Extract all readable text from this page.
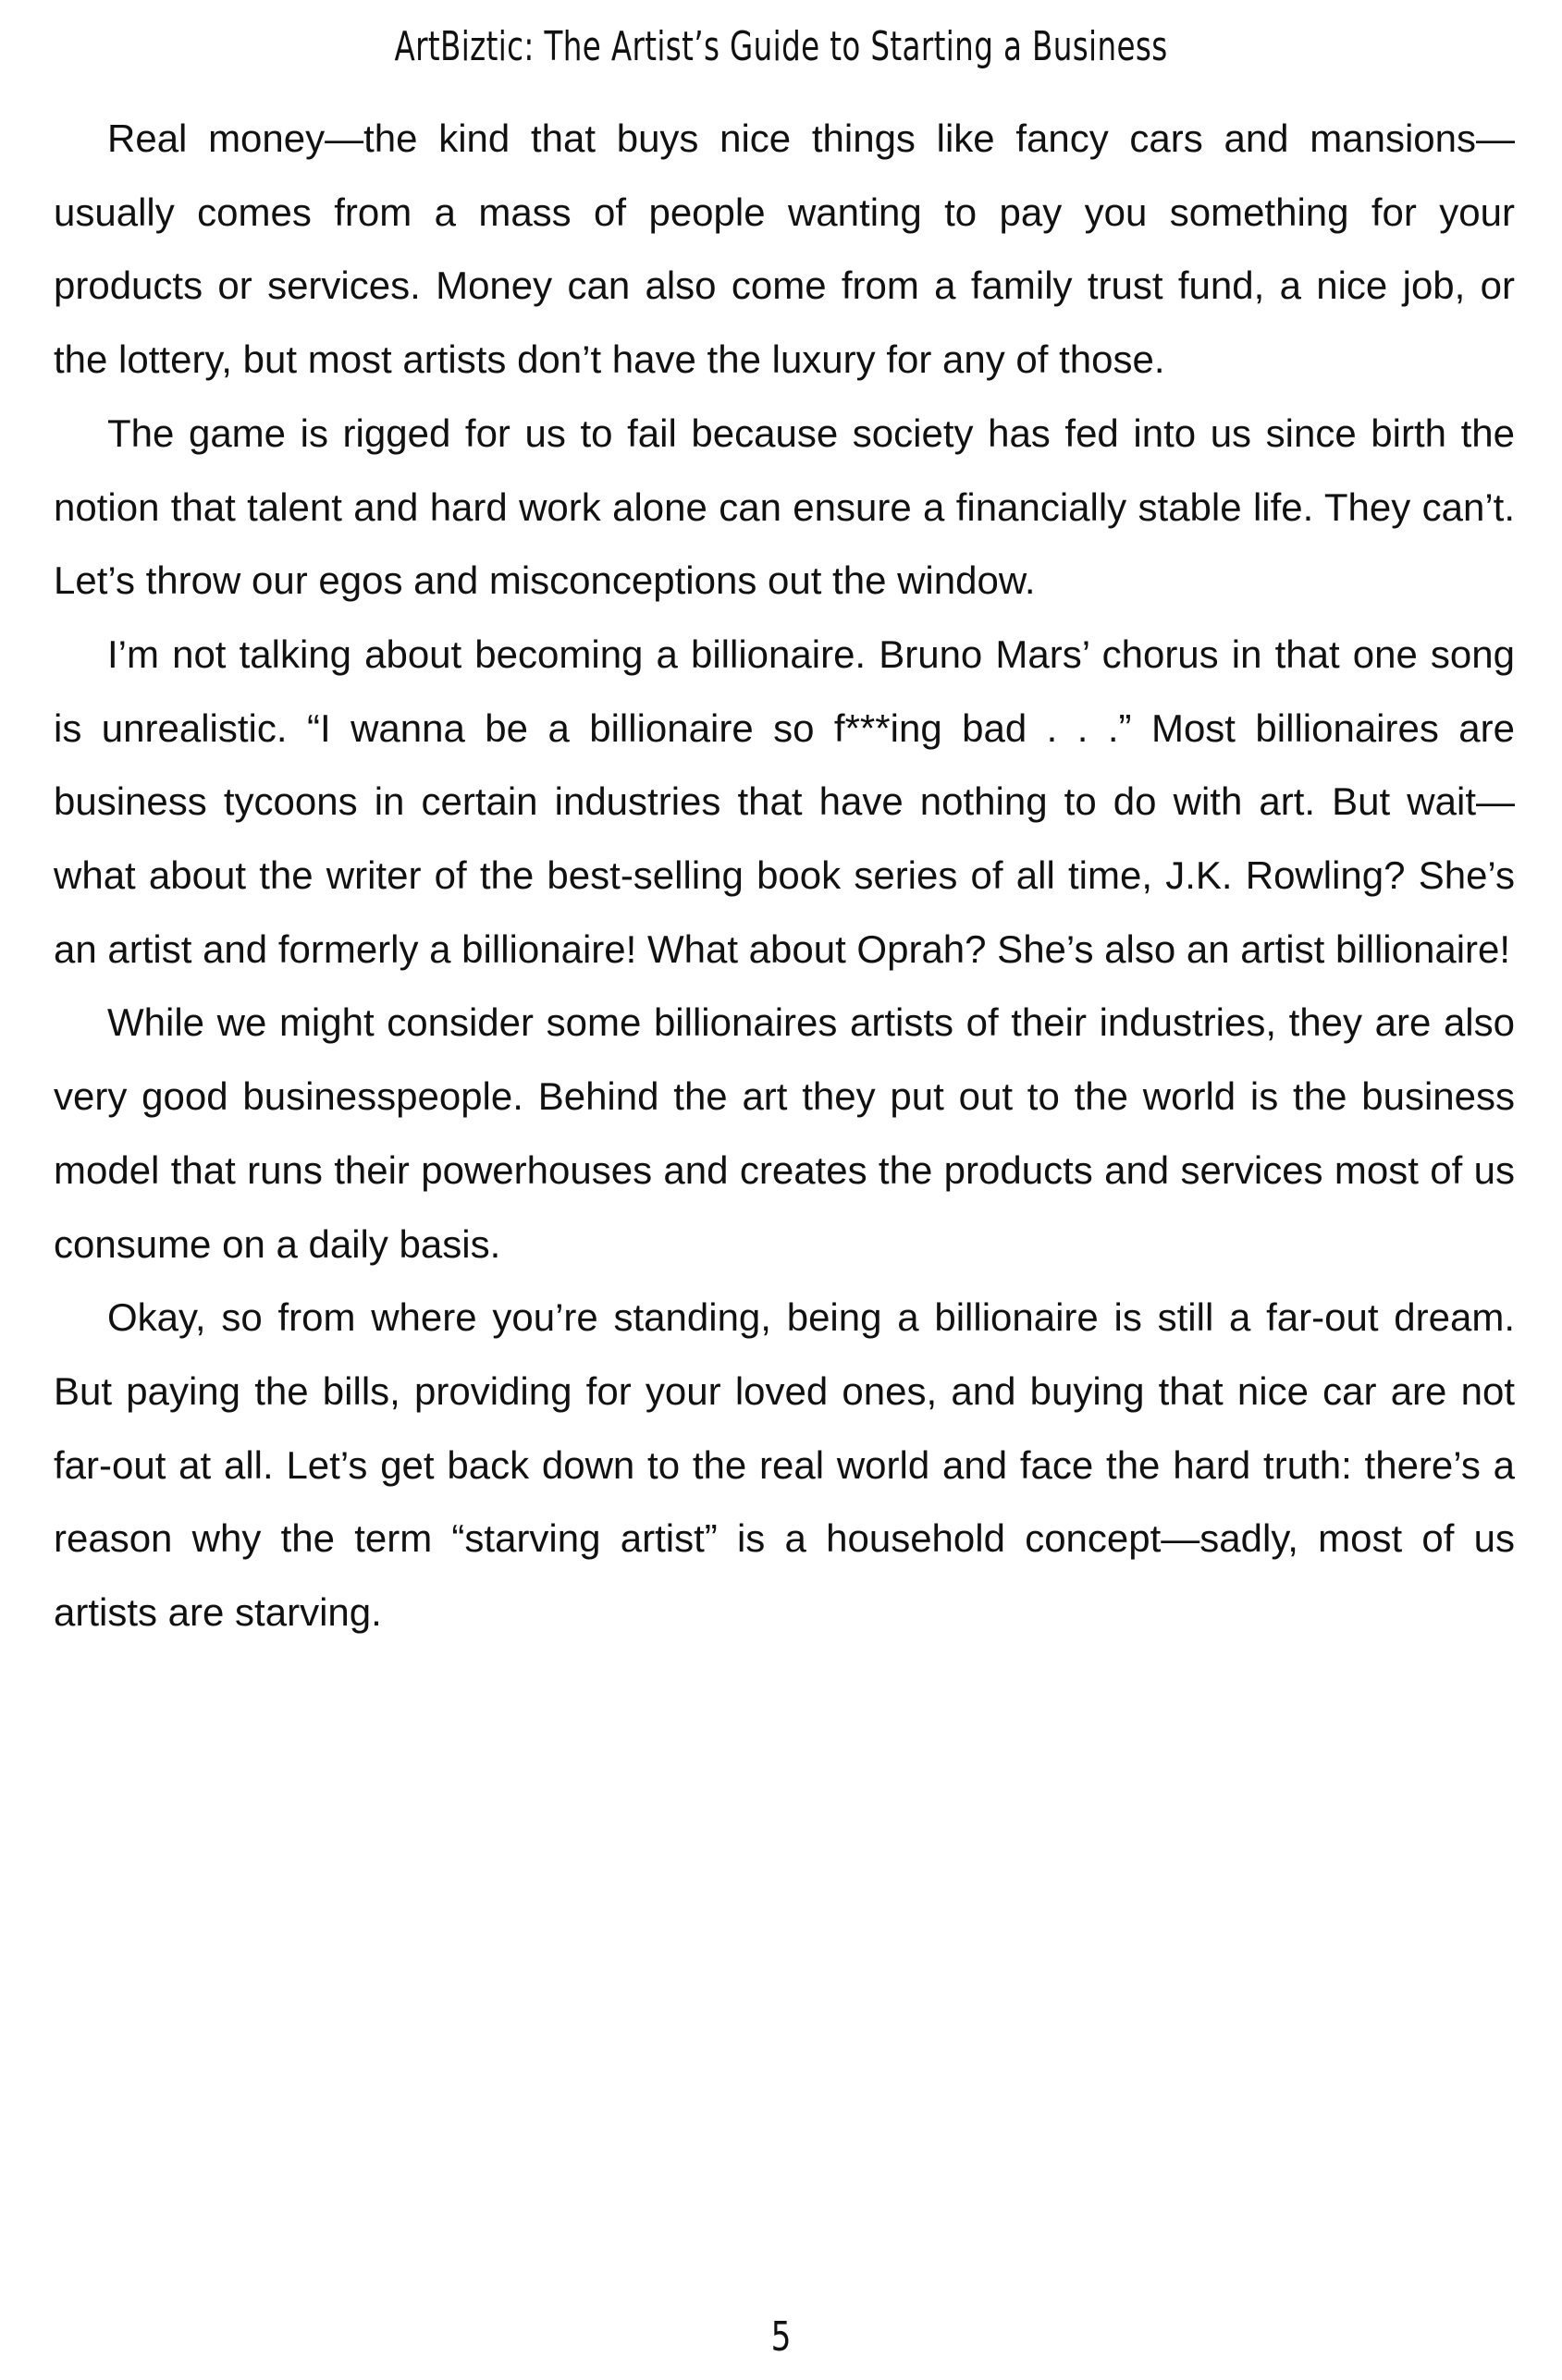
ArtBiztic: The Artist’s Guide to Starting a Business

Real money—the kind that buys nice things like fancy cars and mansions—usually comes from a mass of people wanting to pay you something for your products or services. Money can also come from a family trust fund, a nice job, or the lottery, but most artists don’t have the luxury for any of those.

The game is rigged for us to fail because society has fed into us since birth the notion that talent and hard work alone can ensure a financially stable life. They can’t. Let’s throw our egos and misconceptions out the window.

I’m not talking about becoming a billionaire. Bruno Mars’ chorus in that one song is unrealistic. “I wanna be a billionaire so f***ing bad . . .” Most billionaires are business tycoons in certain industries that have nothing to do with art. But wait—what about the writer of the best-selling book series of all time, J.K. Rowling? She’s an artist and formerly a billionaire! What about Oprah? She’s also an artist billionaire!

While we might consider some billionaires artists of their industries, they are also very good businesspeople. Behind the art they put out to the world is the business model that runs their powerhouses and creates the products and services most of us consume on a daily basis.

Okay, so from where you’re standing, being a billionaire is still a far-out dream. But paying the bills, providing for your loved ones, and buying that nice car are not far-out at all. Let’s get back down to the real world and face the hard truth: there’s a reason why the term “starving artist” is a household concept—sadly, most of us artists are starving.

5
